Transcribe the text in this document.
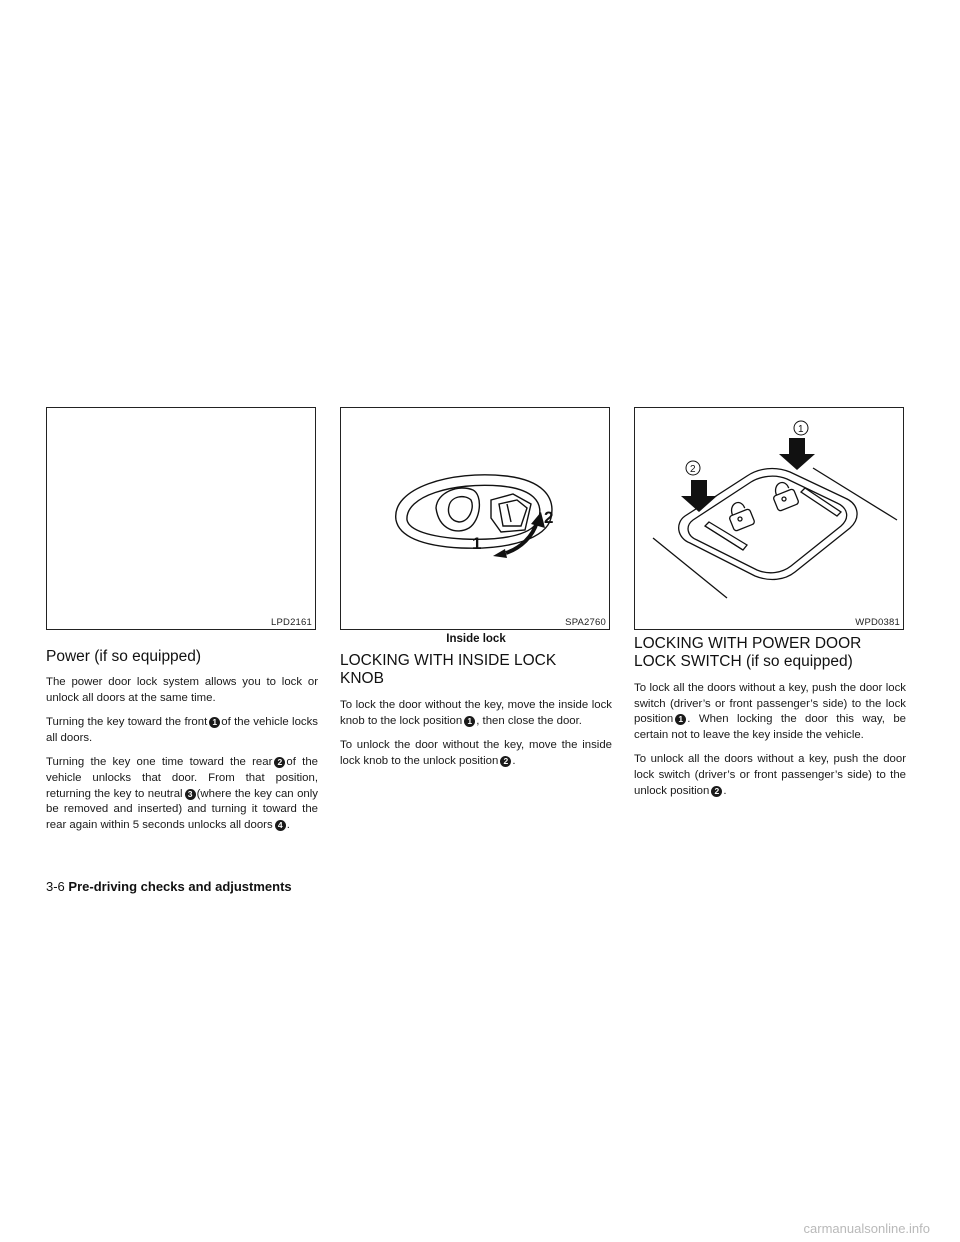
LPD2161
1
2
SPA2760
Inside lock
2
1
WPD0381
Power (if so equipped)

The power door lock system allows you to lock or unlock all doors at the same time.

Turning the key toward the front 1 of the vehicle locks all doors.

Turning the key one time toward the rear 2 of the vehicle unlocks that door. From that position, returning the key to neutral 3 (where the key can only be removed and inserted) and turning it toward the rear again within 5 seconds unlocks all doors 4 .

LOCKING WITH INSIDE LOCK
KNOB

To lock the door without the key, move the inside lock knob to the lock position 1 , then close the door.

To unlock the door without the key, move the inside lock knob to the unlock position 2 .

LOCKING WITH POWER DOOR
LOCK SWITCH (if so equipped)

To lock all the doors without a key, push the door lock switch (driver’s or front passenger’s side) to the lock position 1 . When locking the door this way, be certain not to leave the key inside the vehicle.

To unlock all the doors without a key, push the door lock switch (driver’s or front passenger’s side) to the unlock position 2 .

3-6 Pre-driving checks and adjustments
carmanualsonline.info
